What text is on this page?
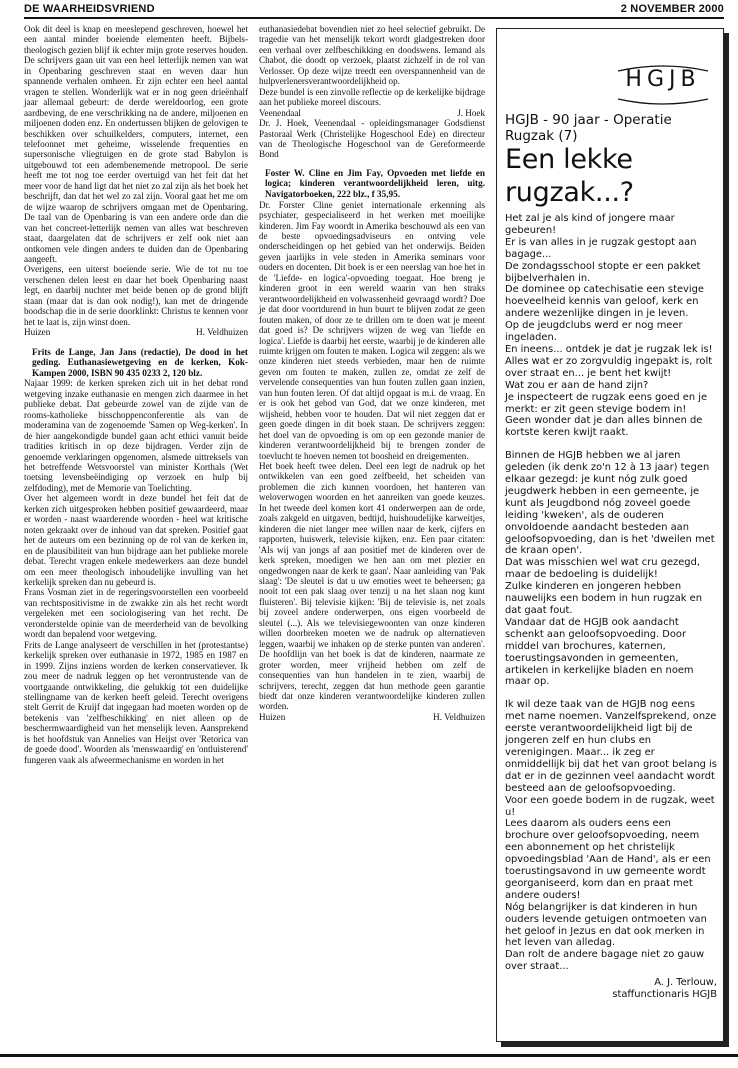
DE WAARHEIDSVRIEND	2 NOVEMBER 2000

Ook dit deel is knap en meeslepend geschreven, hoewel het een aantal minder boeiende elementen heeft. Bijbels-theologisch gezien blijf ik echter mijn grote reserves houden. De schrijvers gaan uit van een heel letterlijk nemen van wat in Openbaring geschreven staat en weven daar hun spannende verhalen omheen. Er zijn echter een heel aantal vragen te stellen. Wonderlijk wat er in nog geen drieënhalf jaar allemaal gebeurt: de derde wereldoorlog, een grote aardbeving, de ene verschrikking na de andere, miljoenen en miljoenen doden enz. En ondertussen blijken de gelovigen te beschikken over schuilkelders, computers, internet, een telefoonnet met geheime, wisselende frequenties en supersonische vliegtuigen en de grote stad Babylon is uitgebouwd tot een adembenemende metropool. De serie heeft me tot nog toe eerder overtuigd van het feit dat het meer voor de hand ligt dat het niet zo zal zijn als het boek het beschrijft, dan dat het wel zo zal zijn. Vooral gaat het me om de wijze waarop de schrijvers omgaan met de Openbaring. De taal van de Openbaring is van een andere orde dan die van het concreet-letterlijk nemen van alles wat beschreven staat, daargelaten dat de schrijvers er zelf ook niet aan ontkomen vele dingen anders te duiden dan de Openbaring aangeeft.

Overigens, een uiterst boeiende serie. Wie de tot nu toe verschenen delen leest en daar het boek Openbaring naast legt, en daarbij nuchter met beide benen op de grond blijft staan (maar dat is dan ook nodig!), kan met de dringende boodschap die in de serie doorklinkt: Christus te kennen voor het te laat is, zijn winst doen.

Huizen	H. Veldhuizen
Frits de Lange, Jan Jans (redactie), De dood in het geding. Euthanasiewetgeving en de kerken, Kok-Kampen 2000, ISBN 90 435 0233 2, 120 blz.

Najaar 1999: de kerken spreken zich uit in het debat rond wetgeving inzake euthanasie en mengen zich daarmee in het publieke debat. Dat gebeurde zowel van de zijde van de rooms-katholieke bisschoppenconferentie als van de moderamina van de zogenoemde 'Samen op Weg-kerken'. In de hier aangekondigde bundel gaan acht ethici vanuit beide tradities kritisch in op deze bijdragen. Verder zijn de genoemde verklaringen opgenomen, alsmede uittreksels van het betreffende Wetsvoorstel van minister Korthals (Wet toetsing levensbeëindiging op verzoek en hulp bij zelfdoding), met de Memorie van Toelichting.

Over het algemeen wordt in deze bundel het feit dat de kerken zich uitgesproken hebben positief gewaardeerd, maar er worden - naast waarderende woorden - heel wat kritische noten gekraakt over de inhoud van dat spreken. Positief gaat het de auteurs om een bezinning op de rol van de kerken in, en de plausibiliteit van hun bijdrage aan het publieke morele debat. Terecht vragen enkele medewerkers aan deze bundel om een meer theologisch inhoudelijke invulling van het kerkelijk spreken dan nu gebeurd is.

Frans Vosman ziet in de regeringsvoorstellen een voorbeeld van rechtspositivisme in de zwakke zin als het recht wordt vergeleken met een sociologisering van het recht. De veronderstelde opinie van de meerderheid van de bevolking wordt dan bepalend voor wetgeving.

Frits de Lange analyseert de verschillen in het (protestantse) kerkelijk spreken over euthanasie in 1972, 1985 en 1987 en in 1999. Zijns inziens worden de kerken conservatiever. Ik zou meer de nadruk leggen op het verontrustende van de voortgaande ontwikkeling, die gelukkig tot een duidelijke stellingname van de kerken heeft geleid. Terecht overigens stelt Gerrit de Kruijf dat ingegaan had moeten worden op de betekenis van 'zelfbeschikking' en niet alleen op de beschermwaardigheid van het menselijk leven. Aansprekend is het hoofdstuk van Annelies van Heijst over 'Retorica van de goede dood'. Woorden als 'menswaardig' en 'ontluisterend' fungeren vaak als afweermechanisme en worden in het

euthanasiedebat bovendien niet zo heel selectief gebruikt. De tragedie van het menselijk tekort wordt gladgestreken door een verhaal over zelfbeschikking en doodswens. Iemand als Chabot, die doodt op verzoek, plaatst zichzelf in de rol van Verlosser. Op deze wijze treedt een overspannenheid van de hulpverlenersverantwoordelijkheid op.

Deze bundel is een zinvolle reflectie op de kerkelijke bijdrage aan het publieke moreel discours.

Veenendaal	J. Hoek

Dr. J. Hoek, Veenendaal - opleidingsmanager Godsdienst Pastoraal Werk (Christelijke Hogeschool Ede) en directeur van de Theologische Hogeschool van de Gereformeerde Bond

Foster W. Cline en Jim Fay, Opvoeden met liefde en logica; kinderen verantwoordelijkheid leren, uitg. Navigatorboeken, 222 blz., f 35,95.

Dr. Forster Cline geniet internationale erkenning als psychiater, gespecialiseerd in het werken met moeilijke kinderen. Jim Fay woordt in Amerika beschouwd als een van de beste opvoedingsadviseurs en ontving vele onderscheidingen op het gebied van het onderwijs. Beiden geven jaarlijks in vele steden in Amerika seminars voor ouders en docenten. Dit boek is er een neerslag van hoe het in de 'Liefde- en logica'-opvoeding toegaat. Hoe breng je kinderen groot in een wereld waarin van hen straks verantwoordelijkheid en volwassenheid gevraagd wordt? Doe je dat door voortdurend in hun buurt te blijven zodat ze geen fouten maken, of door ze te drillen om te doen wat je meent dat goed is? De schrijvers wijzen de weg van 'liefde en logica'. Liefde is daarbij het eerste, waarbij je de kinderen alle ruimte krijgen om fouten te maken. Logica wil zeggen: als we onze kinderen niet steeds verbieden, maar hen de ruimte geven om fouten te maken, zullen ze, omdat ze zelf de vervelende consequenties van hun fouten zullen gaan inzien, van hun fouten leren. Of dat altijd opgaat is m.i. de vraag. En er is ook het gebod van God, dat we onze kinderen, met wijsheid, hebben voor te houden. Dat wil niet zeggen dat er geen goede dingen in dit boek staan. De schrijvers zeggen: het doel van de opvoeding is om op een gezonde manier de kinderen verantwoordelijkheid bij te brengen zonder de toevlucht te hoeven nemen tot boosheid en dreigementen.

Het boek heeft twee delen. Deel een legt de nadruk op het ontwikkelen van een goed zelfbeeld, het scheiden van problemen die zich kunnen voordoen, het hanteren van weloverwogen woorden en het aanreiken van goede keuzes. In het tweede deel komen kort 41 onderwerpen aan de orde, zoals zakgeld en uitgaven, bedtijd, huishoudelijke karweitjes, kinderen die niet langer mee willen naar de kerk, cijfers en rapporten, huiswerk, televisie kijken, enz. Een paar citaten: 'Als wij van jongs af aan positief met de kinderen over de kerk spreken, moedigen we hen aan om met plezier en ongedwongen naar de kerk te gaan'. Naar aanleiding van 'Pak slaag': 'De sleutel is dat u uw emoties weet te beheersen; ga nooit tot een pak slaag over tenzij u na het slaan nog kunt fluisteren'. Bij televisie kijken: 'Bij de televisie is, net zoals bij zoveel andere onderwerpen, ons eigen voorbeeld de sleutel (...). Als we televisiegewoonten van onze kinderen willen doorbreken moeten we de nadruk op alternatieven leggen, waarbij we inhaken op de sterke punten van anderen'. De hoofdlijn van het boek is dat de kinderen, naarmate ze groter worden, meer vrijheid hebben om zelf de consequenties van hun handelen in te zien, waarbij de schrijvers, terecht, zeggen dat hun methode geen garantie biedt dat onze kinderen verantwoordelijke kinderen zullen worden.

Huizen	H. Veldhuizen
HGJB
HGJB - 90 jaar - Operatie Rugzak (7)
Een lekke rugzak...?

Het zal je als kind of jongere maar gebeuren!

Er is van alles in je rugzak gestopt aan bagage...

De zondagsschool stopte er een pakket bijbelverhalen in.

De dominee op catechisatie een stevige hoeveelheid kennis van geloof, kerk en andere wezenlijke dingen in je leven.

Op de jeugdclubs werd er nog meer ingeladen.

En ineens... ontdek je dat je rugzak lek is!

Alles wat er zo zorgvuldig ingepakt is, rolt over straat en... je bent het kwijt!

Wat zou er aan de hand zijn?

Je inspecteert de rugzak eens goed en je merkt: er zit geen stevige bodem in!

Geen wonder dat je dan alles binnen de kortste keren kwijt raakt.

Binnen de HGJB hebben we al jaren geleden (ik denk zo'n 12 à 13 jaar) tegen elkaar gezegd: je kunt nóg zulk goed jeugdwerk hebben in een gemeente, je kunt als Jeugdbond nóg zoveel goede leiding 'kweken', als de ouderen onvoldoende aandacht besteden aan geloofsopvoeding, dan is het 'dweilen met de kraan open'.

Dat was misschien wel wat cru gezegd, maar de bedoeling is duidelijk!

Zulke kinderen en jongeren hebben nauwelijks een bodem in hun rugzak en dat gaat fout.

Vandaar dat de HGJB ook aandacht schenkt aan geloofsopvoeding. Door middel van brochures, katernen, toerustingsavonden in gemeenten, artikelen in kerkelijke bladen en noem maar op.

Ik wil deze taak van de HGJB nog eens met name noemen. Vanzelfsprekend, onze eerste verantwoordelijkheid ligt bij de jongeren zelf en hun clubs en verenigingen. Maar... ik zeg er onmiddellijk bij dat het van groot belang is dat er in de gezinnen veel aandacht wordt besteed aan de geloofsopvoeding.

Voor een goede bodem in de rugzak, weet u!

Lees daarom als ouders eens een brochure over geloofsopvoeding, neem een abonnement op het christelijk opvoedingsblad 'Aan de Hand', als er een toerustingsavond in uw gemeente wordt georganiseerd, kom dan en praat met andere ouders!

Nóg belangrijker is dat kinderen in hun ouders levende getuigen ontmoeten van het geloof in Jezus en dat ook merken in het leven van alledag.

Dan rolt de andere bagage niet zo gauw over straat...

A. J. Terlouw,
staffunctionaris HGJB
